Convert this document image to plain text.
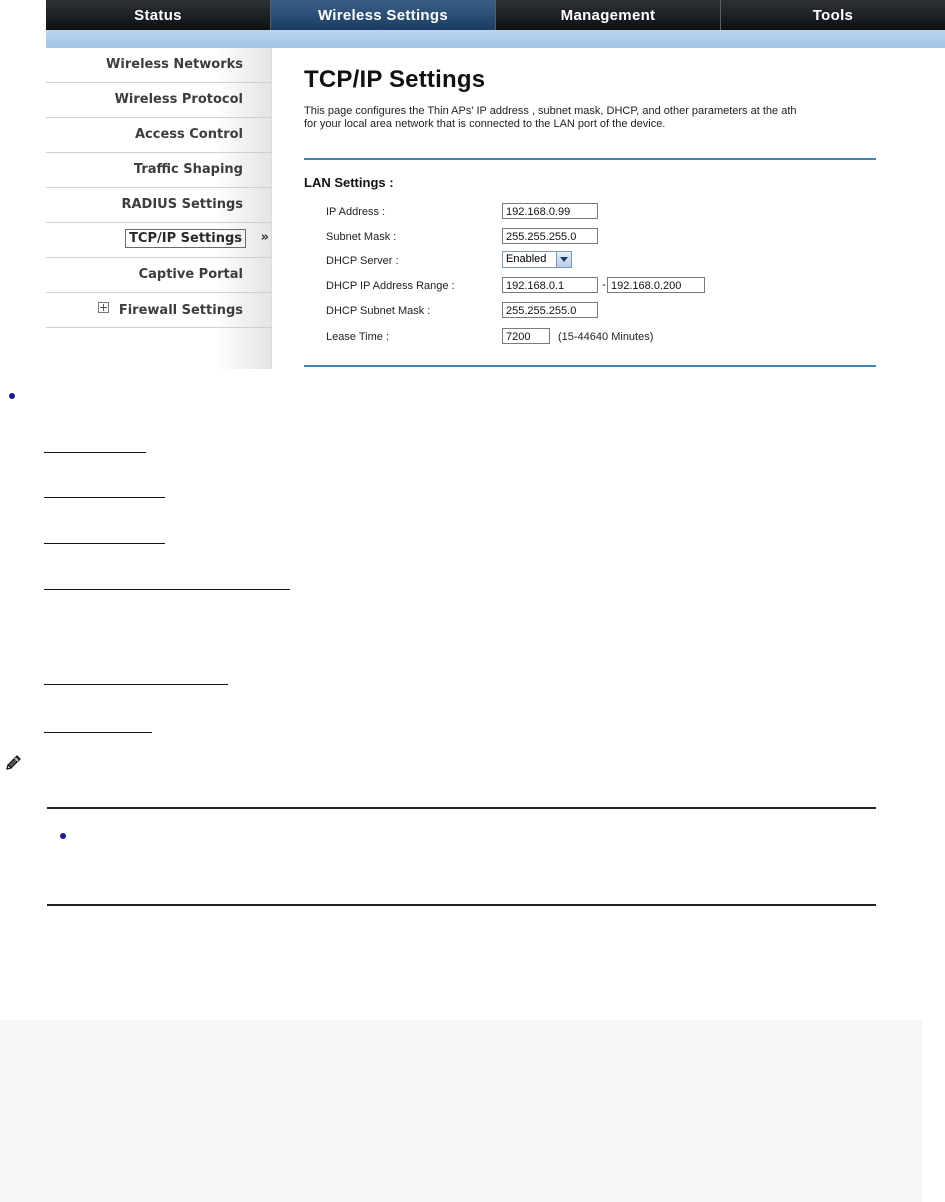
Status	Wireless Settings	Management	Tools
Wireless Networks
Wireless Protocol
Access Control
Traffic Shaping
RADIUS Settings
TCP/IP Settings	»
Captive Portal
Firewall Settings
TCP/IP Settings
This page configures the Thin APs' IP address , subnet mask, DHCP, and other parameters at the ath
for your local area network that is connected to the LAN port of the device.
LAN Settings :
IP Address :	192.168.0.99
Subnet Mask :	255.255.255.0
DHCP Server :	Enabled
DHCP IP Address Range :	192.168.0.1	- 192.168.0.200
DHCP Subnet Mask :	255.255.255.0
Lease Time :	7200	(15-44640 Minutes)
